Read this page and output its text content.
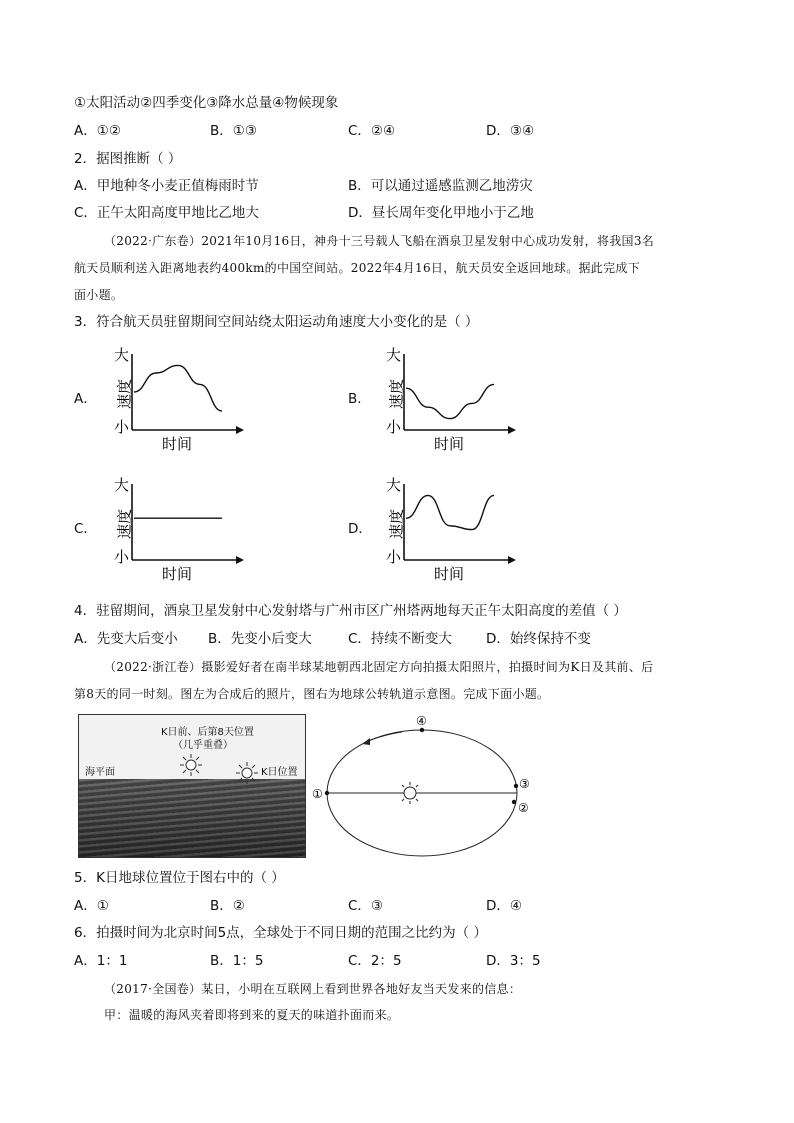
①太阳活动②四季变化③降水总量④物候现象
A．①②	B．①③	C．②④	D．③④
2．据图推断（ ）
A．甲地种冬小麦正值梅雨时节	B．可以通过遥感监测乙地涝灾
C．正午太阳高度甲地比乙地大	D．昼长周年变化甲地小于乙地
（2022·广东卷）2021年10月16日，神舟十三号载人飞船在酒泉卫星发射中心成功发射，将我国3名
航天员顺利送入距离地表约400km的中国空间站。2022年4月16日，航天员安全返回地球。据此完成下
面小题。
3．符合航天员驻留期间空间站绕太阳运动角速度大小变化的是（ ）
A．	B．
C．	D．
大
小
速度
时间
大
小
速度
时间
大
小
速度
时间
大
小
速度
时间
4．驻留期间，酒泉卫星发射中心发射塔与广州市区广州塔两地每天正午太阳高度的差值（ ）
A．先变大后变小 B．先变小后变大	C．持续不断变大	D．始终保持不变
（2022·浙江卷）摄影爱好者在南半球某地朝西北固定方向拍摄太阳照片，拍摄时间为K日及其前、后
第8天的同一时刻。图左为合成后的照片，图右为地球公转轨道示意图。完成下面小题。
K日前、后第8天位置
（几乎重叠）
海平面	K日位置
①
④
③
②
5．K日地球位置位于图右中的（ ）
A．①	B．②	C．③	D．④
6．拍摄时间为北京时间5点，全球处于不同日期的范围之比约为（ ）
A．1：1	B．1：5	C．2：5	D．3：5
（2017·全国卷）某日，小明在互联网上看到世界各地好友当天发来的信息：
甲：温暖的海风夹着即将到来的夏天的味道扑面而来。
